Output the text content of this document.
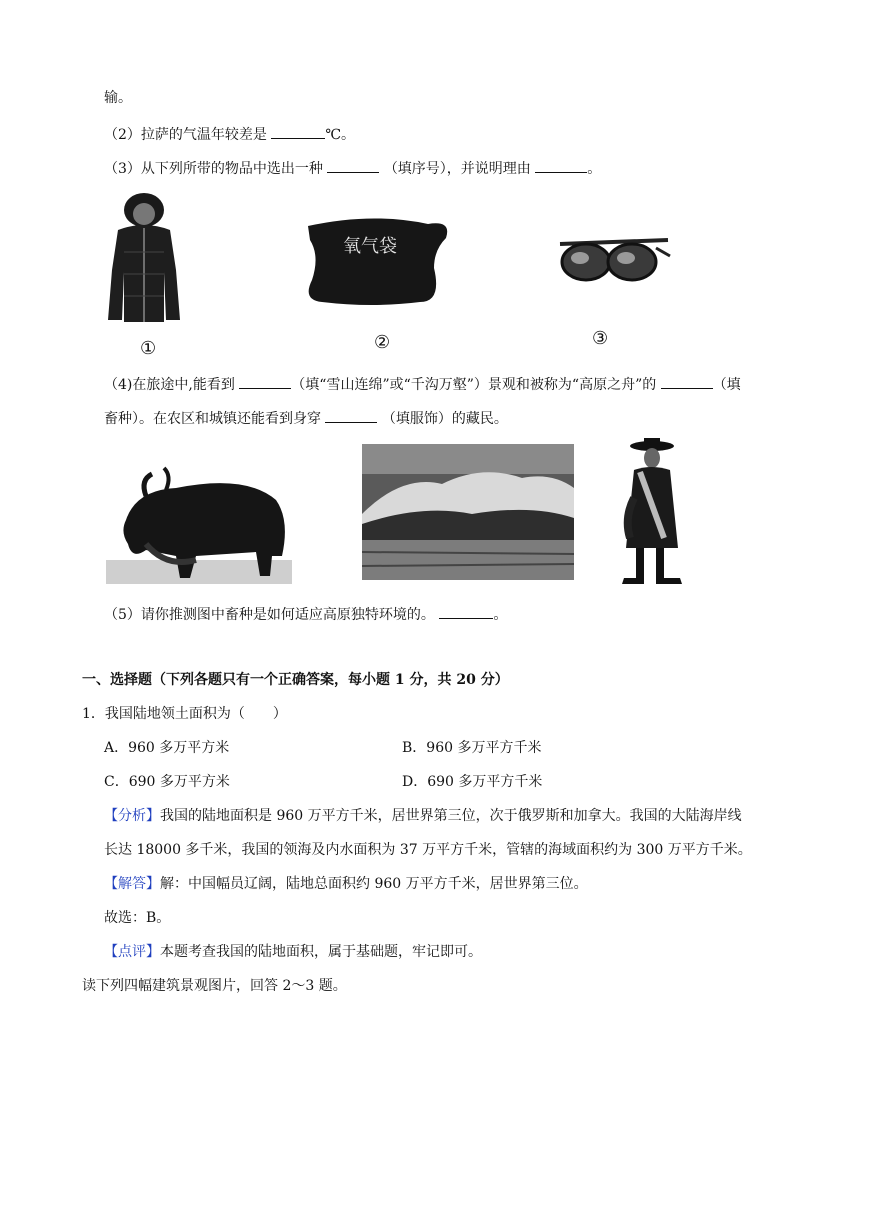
输。
（2）拉萨的气温年较差是	℃。
（3）从下列所带的物品中选出一种	（填序号），并说明理由	。
①
氧气袋
②	③
（4)在旅途中,能看到	（填“雪山连绵”或“千沟万壑”）景观和被称为“高原之舟”的	（填
畜种）。在农区和城镇还能看到身穿	（填服饰）的藏民。
（5）请你推测图中畜种是如何适应高原独特环境的。	。
一、选择题（下列各题只有一个正确答案，每小题 1 分，共 20 分）
1．我国陆地领土面积为（　　）
A．960 多万平方米	B．960 多万平方千米
C．690 多万平方米	D．690 多万平方千米
【分析】我国的陆地面积是 960 万平方千米，居世界第三位，次于俄罗斯和加拿大。我国的大陆海岸线
长达 18000 多千米，我国的领海及内水面积为 37 万平方千米，管辖的海域面积约为 300 万平方千米。
【解答】解：中国幅员辽阔，陆地总面积约 960 万平方千米，居世界第三位。
故选：B。
【点评】本题考查我国的陆地面积，属于基础题，牢记即可。
读下列四幅建筑景观图片，回答 2～3 题。
